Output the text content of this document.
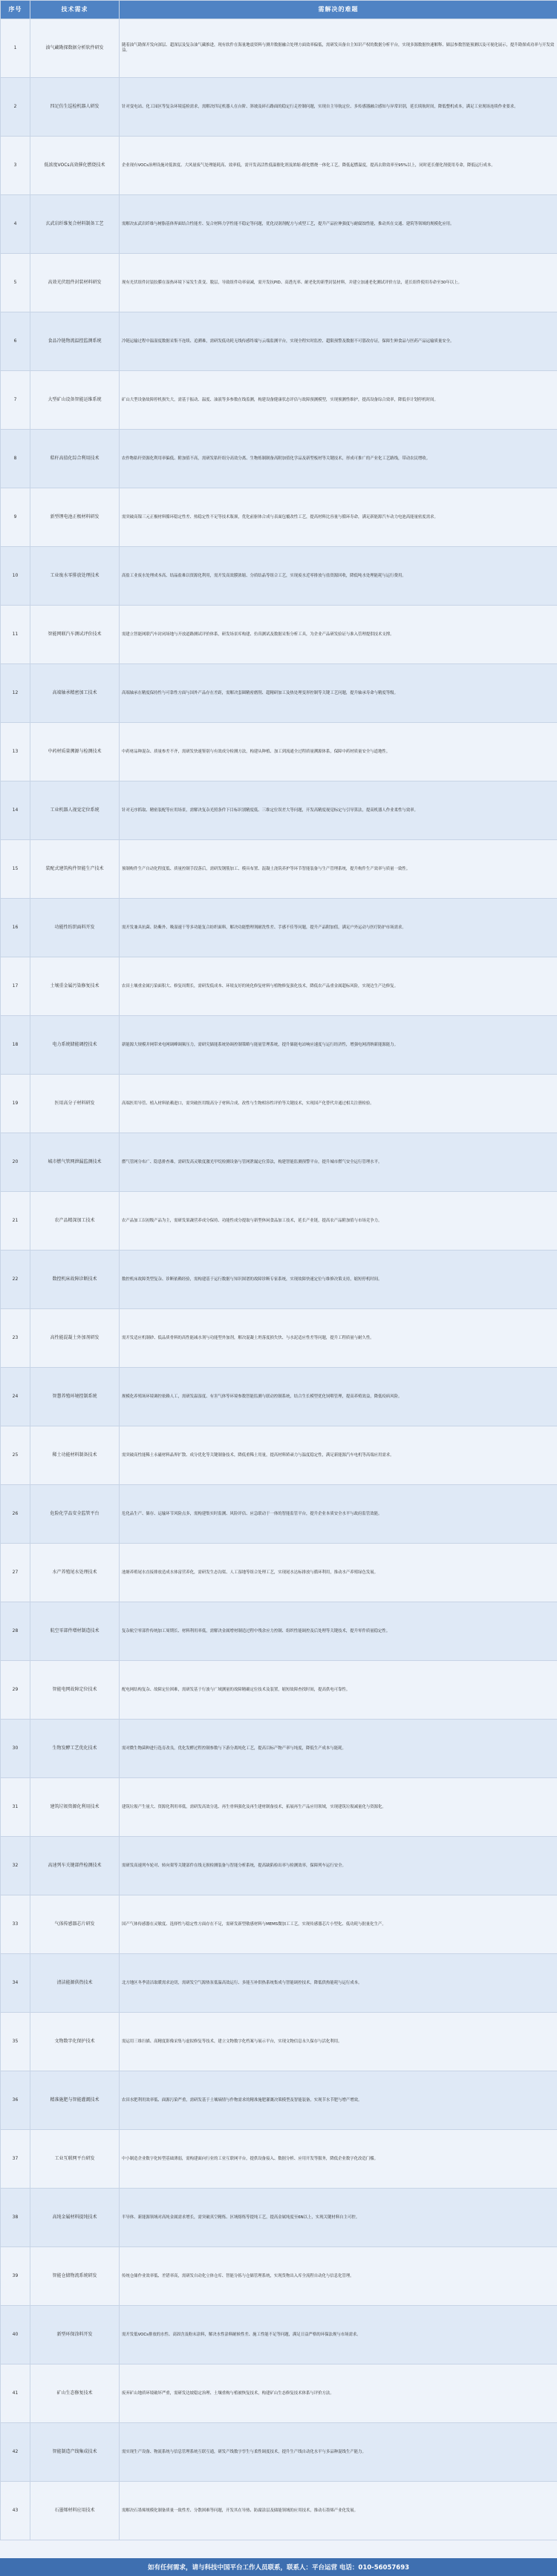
序号	技术需求	需解决的难题
1	油气藏勘探数据分析软件研发	随着油气勘探开发向深层、超深层及复杂油气藏推进，现有软件在海量地震资料与测井数据融合处理方面效率偏低，需研发具备自主知识产权的数据分析平台，实现多源数据快速解释、储层参数智能预测以及可视化展示，提升勘探成功率与开发效益。
2	四足仿生巡检机器人研发	针对变电站、化工园区等复杂环境巡检需求，需解决四足机器人在台阶、斜坡及碎石路面的稳定行走控制问题，实现自主导航定位、多传感器融合感知与异常识别，延长续航时间，降低整机成本，满足工业现场连续作业要求。
3	低浓度VOCs高效催化燃烧技术	企业现有VOCs治理设施对低浓度、大风量废气处理能耗高、效率低，需开发高活性低温催化剂及浓缩-催化燃烧一体化工艺，降低起燃温度，提高去除效率至95%以上，同时延长催化剂使用寿命，降低运行成本。
4	玄武岩纤维复合材料制备工艺	需解决玄武岩纤维与树脂基体界面结合性能差、复合材料力学性能不稳定等问题，优化浸润剂配方与成型工艺，提升产品拉伸强度与耐腐蚀性能，推动其在交通、建筑等领域的规模化应用。
5	高效光伏组件封装材料研发	现有光伏组件封装胶膜在湿热环境下易发生黄变、脱层，导致组件功率衰减，需开发抗PID、高透光率、耐老化的新型封装材料，并建立加速老化测试评价方法，延长组件使用寿命至30年以上。
6	食品冷链物流温控监测系统	冷链运输过程中温湿度数据采集不连续、追溯难，需研发低功耗无线传感终端与云端监测平台，实现全程实时监控、超限预警及数据不可篡改存证，保障生鲜食品与医药产品运输质量安全。
7	大型矿山设备智能运维系统	矿山大型设备故障停机损失大，需基于振动、温度、油液等多参数在线监测，构建设备健康状态评估与故障预测模型，实现预测性维护，提高设备综合效率，降低非计划停机时间。
8	秸秆高值化综合利用技术	农作物秸秆资源化利用率偏低、附加值不高，需研发秸秆组分高效分离、生物炼制制备高附加值化学品及新型板材等关键技术，形成可推广的产业化工艺路线，带动农民增收。
9	新型锂电池正极材料研发	需突破高镍三元正极材料循环稳定性差、热稳定性不足等技术瓶颈，优化前驱体合成与表面包覆改性工艺，提高材料比容量与循环寿命，满足新能源汽车动力电池高能量密度需求。
10	工业废水零排放处理技术	高盐工业废水处理成本高、结晶盐难以资源化利用，需开发高效膜浓缩、分质结晶等组合工艺，实现废水近零排放与盐资源回收，降低吨水处理能耗与运行费用。
11	智能网联汽车测试评价技术	需建立智能网联汽车封闭场地与开放道路测试评价体系，研发场景库构建、仿真测试及数据采集分析工具，为企业产品研发验证与准入管理提供技术支撑。
12	高端轴承精密加工技术	高端轴承在精度保持性与可靠性方面与国外产品存在差距，需解决套圈精密磨削、超精研加工及热处理变形控制等关键工艺问题，提升轴承寿命与精度等级。
13	中药材质量溯源与检测技术	中药材品种混杂、质量参差不齐，需研发快速鉴别与有效成分检测方法，构建从种植、加工到流通全过程质量溯源体系，保障中药材质量安全与道地性。
14	工业机器人视觉定位系统	针对无序抓取、精密装配等应用场景，需解决复杂光照条件下目标识别精度低、三维定位误差大等问题，开发高精度视觉标定与引导算法，提高机器人作业柔性与效率。
15	装配式建筑构件智能生产技术	预制构件生产自动化程度低、质量控制手段落后，需研发钢筋加工、模具布置、混凝土浇筑养护等环节智能装备与生产管理系统，提升构件生产效率与质量一致性。
16	功能性纺织面料开发	需开发兼具抗菌、防紫外、吸湿速干等多功能复合纺织面料，解决功能整理剂耐洗性差、手感不佳等问题，提升产品附加值，满足户外运动与医疗防护市场需求。
17	土壤重金属污染修复技术	农田土壤重金属污染面积大、修复周期长，需研发低成本、环境友好的钝化修复材料与植物修复强化技术，降低农产品重金属超标风险，实现边生产边修复。
18	电力系统储能调控技术	新能源大规模并网带来电网调峰调频压力，需研究储能系统协调控制策略与能量管理系统，提升储能电站响应速度与运行经济性，增强电网消纳新能源能力。
19	医用高分子材料研发	高端医用导管、植入材料依赖进口，需突破医用级高分子材料合成、改性与生物相容性评价等关键技术，实现国产化替代并通过相关注册检验。
20	城市燃气管网泄漏监测技术	燃气管网分布广、隐患排查难，需研发高灵敏度激光甲烷检测设备与管网泄漏定位算法，构建智能监测预警平台，提升城市燃气安全运行管理水平。
21	农产品精深加工技术	农产品加工以初级产品为主，需研发果蔬营养成分保持、功能性成分提取与新型休闲食品加工技术，延长产业链，提高农产品附加值与市场竞争力。
22	数控机床故障诊断技术	数控机床故障类型复杂、诊断依赖经验，需构建基于运行数据与知识图谱的故障诊断专家系统，实现故障快速定位与维修决策支持，缩短停机时间。
23	高性能混凝土外加剂研发	需开发适应机制砂、低品质骨料的高性能减水剂与功能型外加剂，解决混凝土坍落度损失快、与水泥适应性差等问题，提升工程质量与耐久性。
24	智慧养殖环境控制系统	规模化养殖场环境调控依赖人工，需研发温湿度、有害气体等环境参数智能监测与联动控制系统，结合生长模型优化饲喂管理，提高养殖效益，降低疫病风险。
25	稀土功能材料制备技术	需突破高性能稀土永磁材料晶界扩散、成分优化等关键制备技术，降低重稀土用量，提高材料矫顽力与温度稳定性，满足新能源汽车电机等高端应用需求。
26	危险化学品安全监管平台	危化品生产、储存、运输环节风险点多，需构建集实时监测、风险评估、应急联动于一体的智能监管平台，提升企业本质安全水平与政府监管效能。
27	水产养殖尾水处理技术	池塘养殖尾水直接排放造成水体富营养化，需研发生态沟渠、人工湿地等组合处理工艺，实现尾水达标排放与循环利用，推动水产养殖绿色发展。
28	航空零部件增材制造技术	复杂航空零部件传统加工周期长、材料利用率低，需解决金属增材制造过程中残余应力控制、组织性能调控及后处理等关键技术，提升零件质量稳定性。
29	智能电网故障定位技术	配电网结构复杂、故障定位困难，需研发基于行波与广域测量的故障精确定位技术及装置，缩短故障查找时间，提高供电可靠性。
30	生物发酵工艺优化技术	需对微生物菌种进行选育改良，优化发酵过程控制参数与下游分离纯化工艺，提高目标产物产率与纯度，降低生产成本与能耗。
31	建筑垃圾资源化利用技术	建筑垃圾产生量大、资源化利用率低，需研发高效分选、再生骨料强化及再生建材制备技术，拓展再生产品应用领域，实现建筑垃圾减量化与资源化。
32	高速列车关键部件检测技术	需研发高速列车轮对、转向架等关键部件在线无损检测装备与智能分析系统，提高缺陷检出率与检测效率，保障列车运行安全。
33	气体传感器芯片研发	国产气体传感器在灵敏度、选择性与稳定性方面存在不足，需研发新型敏感材料与MEMS微加工工艺，实现传感器芯片小型化、低功耗与批量化生产。
34	清洁能源供热技术	北方地区冬季清洁取暖需求迫切，需研发空气源热泵低温高效运行、多能互补供热系统集成与智能调控技术，降低供热能耗与运行成本。
35	文物数字化保护技术	需运用三维扫描、高精度影像采集与虚拟修复等技术，建立文物数字化档案与展示平台，实现文物信息永久保存与活化利用。
36	精准施肥与智能灌溉技术	农田水肥利用效率低、面源污染严重，需研发基于土壤墒情与作物需求的精准施肥灌溉决策模型及智能装备，实现节水节肥与增产增效。
37	工业互联网平台研发	中小制造企业数字化转型基础薄弱，需构建面向行业的工业互联网平台，提供设备接入、数据分析、应用开发等服务，降低企业数字化改造门槛。
38	高纯金属材料提纯技术	半导体、新能源领域对高纯金属需求增长，需突破真空精炼、区域熔炼等提纯工艺，提高金属纯度至6N以上，实现关键材料自主可控。
39	智能仓储物流系统研发	传统仓储作业效率低、差错率高，需研发自动化立体仓库、智能分拣与仓储管理系统，实现货物出入库全流程自动化与信息化管理。
40	新型环保涂料开发	需开发低VOCs排放的水性、高固含及粉末涂料，解决水性涂料耐候性差、施工性能不足等问题，满足日益严格的环保法规与市场需求。
41	矿山生态修复技术	废弃矿山地质环境破坏严重，需研发边坡稳定治理、土壤重构与植被恢复技术，构建矿山生态修复技术体系与评价方法。
42	智能制造产线集成技术	需实现生产设备、物流系统与信息管理系统互联互通，研发产线数字孪生与柔性调度技术，提升生产线自动化水平与多品种混线生产能力。
43	石墨烯材料应用技术	需解决石墨烯规模化制备质量一致性差、分散困难等问题，开发其在导热、防腐涂层及储能领域的应用技术，推动石墨烯产业化发展。
如有任何需求，请与科技中国平台工作人员联系，联系人：平台运营 电话：010-56057693
